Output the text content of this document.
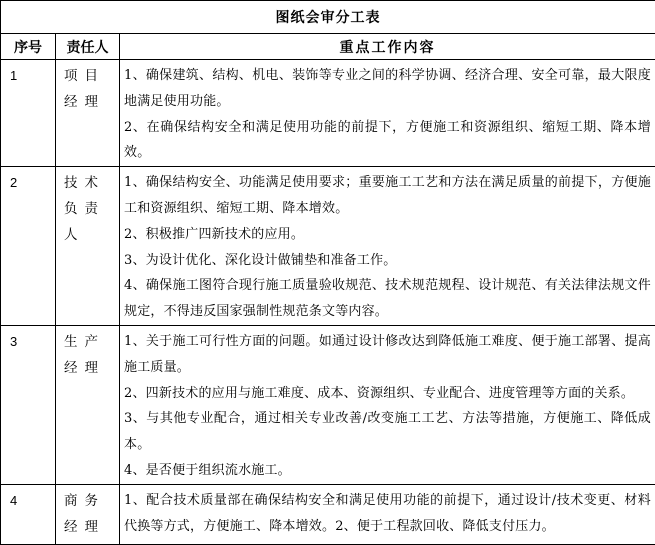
图纸会审分工表		
序号	责任人	重点工作内容
1	项目经理	1、确保建筑、结构、机电、装饰等专业之间的科学协调、经济合理、安全可靠，最大限度地满足使用功能。

2、在确保结构安全和满足使用功能的前提下，方便施工和资源组织、缩短工期、降本增效。

2	技术负责人	1、确保结构安全、功能满足使用要求；重要施工工艺和方法在满足质量的前提下，方便施工和资源组织、缩短工期、降本增效。

2、积极推广四新技术的应用。

3、为设计优化、深化设计做铺垫和准备工作。

4、确保施工图符合现行施工质量验收规范、技术规范规程、设计规范、有关法律法规文件规定，不得违反国家强制性规范条文等内容。

3	生产经理	1、关于施工可行性方面的问题。如通过设计修改达到降低施工难度、便于施工部署、提高施工质量。

2、四新技术的应用与施工难度、成本、资源组织、专业配合、进度管理等方面的关系。

3、与其他专业配合，通过相关专业改善/改变施工工艺、方法等措施，方便施工、降低成本。

4、是否便于组织流水施工。

4	商务经理	1、配合技术质量部在确保结构安全和满足使用功能的前提下，通过设计/技术变更、材料代换等方式，方便施工、降本增效。2、便于工程款回收、降低支付压力。
